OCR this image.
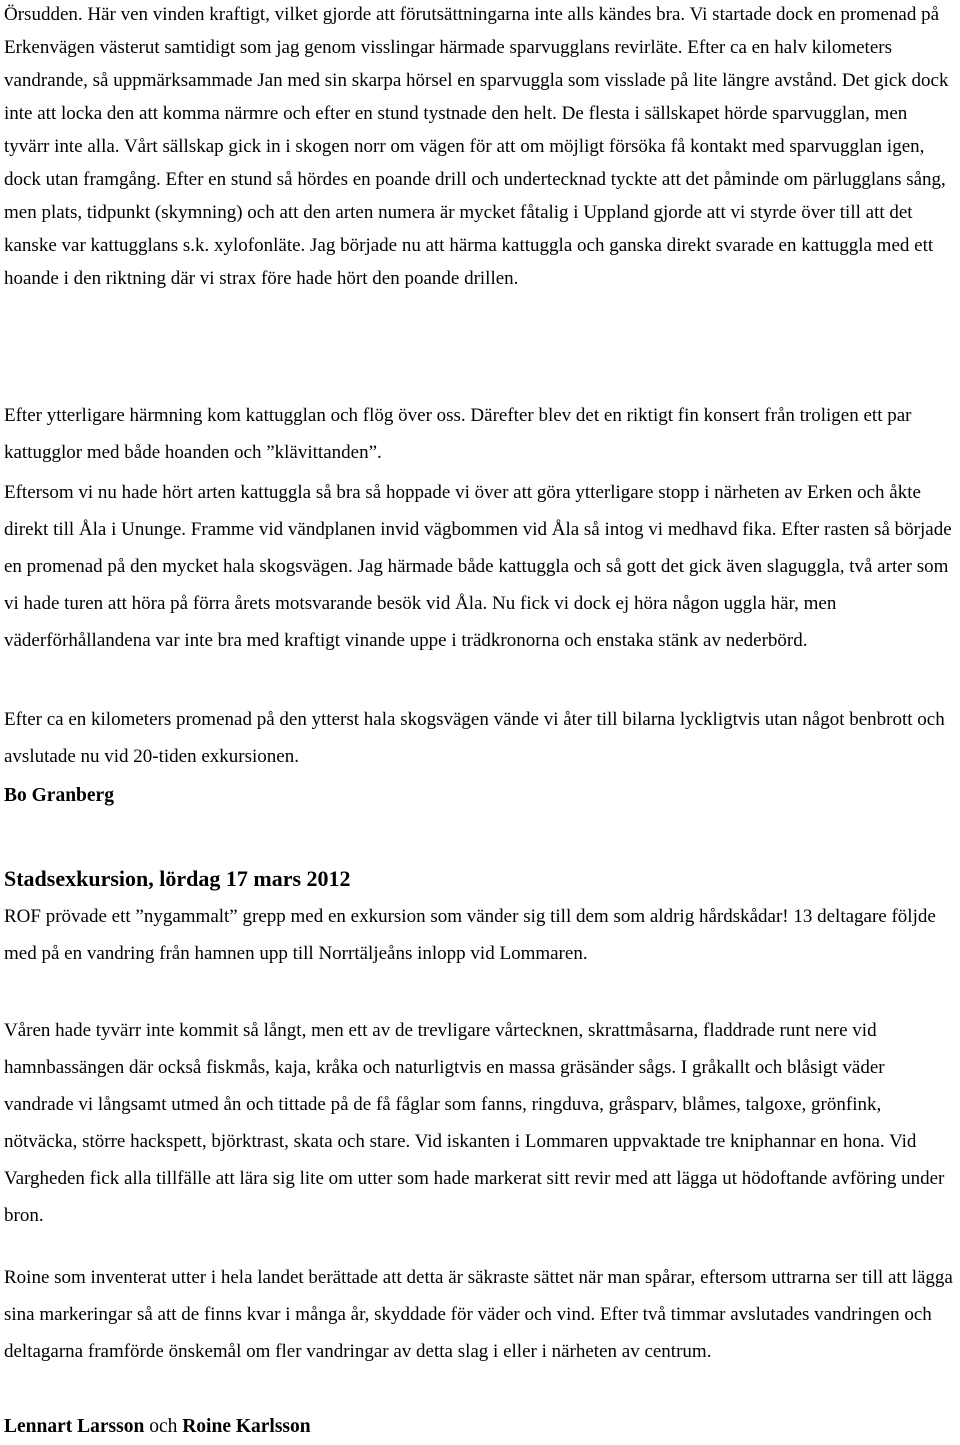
Örsudden. Här ven vinden kraftigt, vilket gjorde att förutsättningarna inte alls kändes bra. Vi startade dock en promenad på Erkenvägen västerut samtidigt som jag genom visslingar härmade sparvugglans revirläte. Efter ca en halv kilometers vandrande, så uppmärksammade Jan med sin skarpa hörsel en sparvuggla som visslade på lite längre avstånd. Det gick dock inte att locka den att komma närmre och efter en stund tystnade den helt. De flesta i sällskapet hörde sparvugglan, men tyvärr inte alla. Vårt sällskap gick in i skogen norr om vägen för att om möjligt försöka få kontakt med sparvugglan igen, dock utan framgång. Efter en stund så hördes en poande drill och undertecknad tyckte att det påminde om pärlugglans sång, men plats, tidpunkt (skymning) och att den arten numera är mycket fåtalig i Uppland gjorde att vi styrde över till att det kanske var kattugglans s.k. xylofonläte. Jag började nu att härma kattuggla och ganska direkt svarade en kattuggla med ett hoande i den riktning där vi strax före hade hört den poande drillen.

Efter ytterligare härmning kom kattugglan och flög över oss. Därefter blev det en riktigt fin konsert från troligen ett par kattugglor med både hoanden och ”klävittanden”.

Eftersom vi nu hade hört arten kattuggla så bra så hoppade vi över att göra ytterligare stopp i närheten av Erken och åkte direkt till Åla i Ununge. Framme vid vändplanen invid vägbommen vid Åla så intog vi medhavd fika. Efter rasten så började en promenad på den mycket hala skogsvägen. Jag härmade både kattuggla och så gott det gick även slaguggla, två arter som vi hade turen att höra på förra årets motsvarande besök vid Åla. Nu fick vi dock ej höra någon uggla här, men väderförhållandena var inte bra med kraftigt vinande uppe i trädkronorna och enstaka stänk av nederbörd.

Efter ca en kilometers promenad på den ytterst hala skogsvägen vände vi åter till bilarna lyckligtvis utan något benbrott och avslutade nu vid 20-tiden exkursionen.

Bo Granberg

Stadsexkursion, lördag 17 mars 2012

ROF prövade ett ”nygammalt” grepp med en exkursion som vänder sig till dem som aldrig hårdskådar! 13 deltagare följde med på en vandring från hamnen upp till Norrtäljeåns inlopp vid Lommaren.

Våren hade tyvärr inte kommit så långt, men ett av de trevligare vårtecknen, skrattmåsarna, fladdrade runt nere vid hamnbassängen där också fiskmås, kaja, kråka och naturligtvis en massa gräsänder sågs. I gråkallt och blåsigt väder vandrade vi långsamt utmed ån och tittade på de få fåglar som fanns, ringduva, gråsparv, blåmes, talgoxe, grönfink, nötväcka, större hackspett, björktrast, skata och stare. Vid iskanten i Lommaren uppvaktade tre kniphannar en hona. Vid Vargheden fick alla tillfälle att lära sig lite om utter som hade markerat sitt revir med att lägga ut hödoftande avföring under bron.

Roine som inventerat utter i hela landet berättade att detta är säkraste sättet när man spårar, eftersom uttrarna ser till att lägga sina markeringar så att de finns kvar i många år, skyddade för väder och vind. Efter två timmar avslutades vandringen och deltagarna framförde önskemål om fler vandringar av detta slag i eller i närheten av centrum.

Lennart Larsson och Roine Karlsson
